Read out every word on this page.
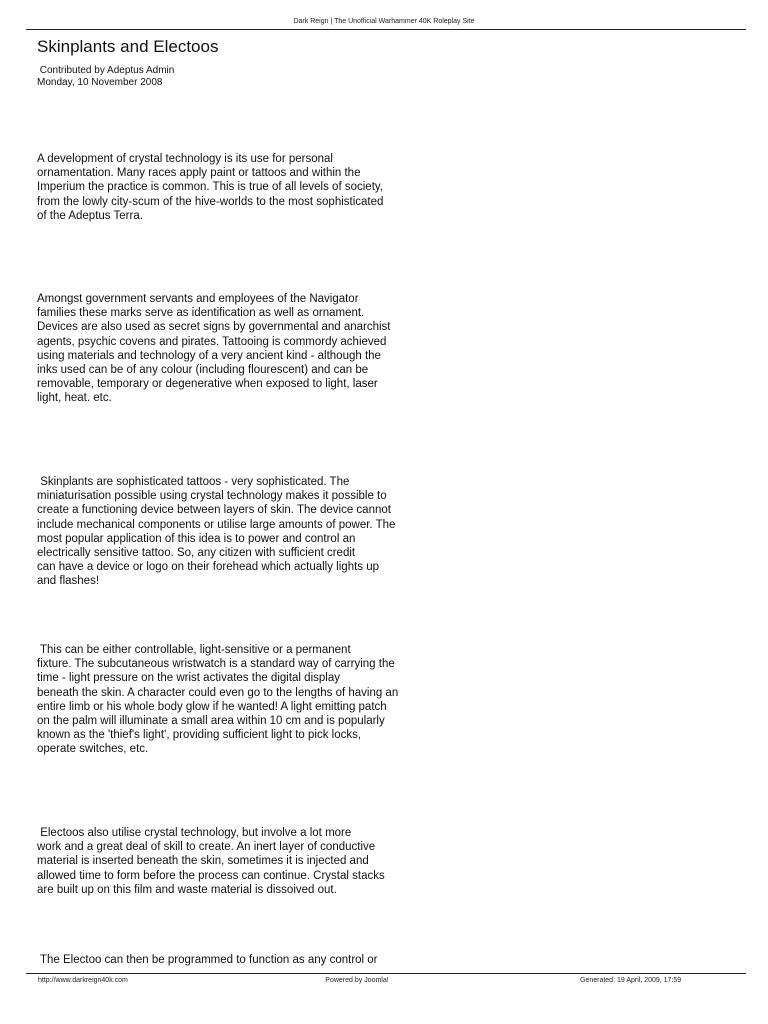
Dark Reign | The Unofficial Warhammer 40K Roleplay Site
Skinplants and Electoos
Contributed by Adeptus Admin
Monday, 10 November 2008
A development of crystal technology is its use for personal
ornamentation. Many races apply paint or tattoos and within the
Imperium the practice is common. This is true of all levels of society,
from the lowly city-scum of the hive-worlds to the most sophisticated
of the Adeptus Terra.
Amongst government servants and employees of the Navigator
families these marks serve as identification as well as ornament.
Devices are also used as secret signs by governmental and anarchist
agents, psychic covens and pirates. Tattooing is commordy achieved
using materials and technology of a very ancient kind - although the
inks used can be of any colour (including flourescent) and can be
removable, temporary or degenerative when exposed to light, laser
light, heat. etc.
Skinplants are sophisticated tattoos - very sophisticated. The
miniaturisation possible using crystal technology makes it possible to
create a functioning device between layers of skin. The device cannot
include mechanical components or utilise large amounts of power. The
most popular application of this idea is to power and control an
electrically sensitive tattoo. So, any citizen with sufficient credit
can have a device or logo on their forehead which actually lights up
and flashes!
This can be either controllable, light-sensitive or a permanent
fixture. The subcutaneous wristwatch is a standard way of carrying the
time - light pressure on the wrist activates the digital display
beneath the skin. A character could even go to the lengths of having an
entire limb or his whole body glow if he wanted! A light emitting patch
on the palm will illuminate a small area within 10 cm and is popularly
known as the 'thief's light', providing sufficient light to pick locks,
operate switches, etc.
Electoos also utilise crystal technology, but involve a lot more
work and a great deal of skill to create. An inert layer of conductive
material is inserted beneath the skin, sometimes it is injected and
allowed time to form before the process can continue. Crystal stacks
are built up on this film and waste material is dissoived out.
The Electoo can then be programmed to function as any control or
http://www.darkreign40k.com	Powered by Joomla!	Generated: 19 April, 2009, 17:59
